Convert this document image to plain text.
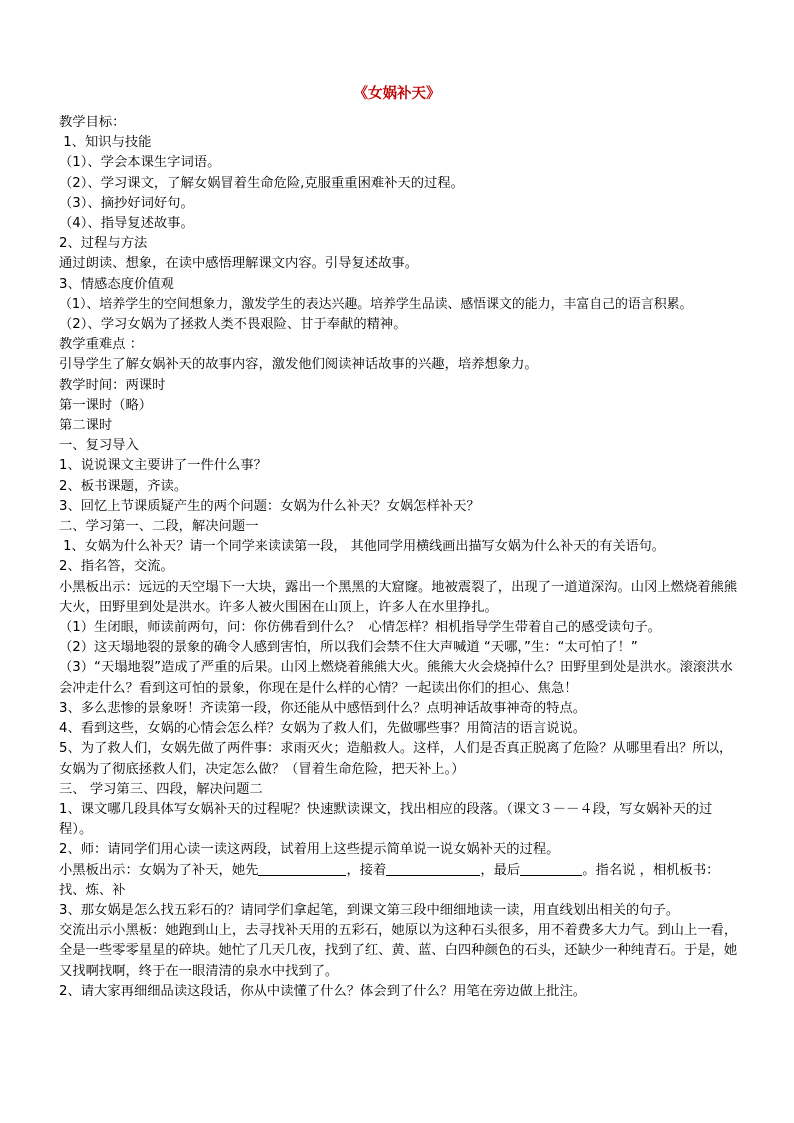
《女娲补天》
教学目标：
1、知识与技能
（1）、学会本课生字词语。
（2）、学习课文，了解女娲冒着生命危险,克服重重困难补天的过程。
（3）、摘抄好词好句。
（4）、指导复述故事。
2、过程与方法
通过朗读、想象，在读中感悟理解课文内容。引导复述故事。
3、情感态度价值观
（1）、培养学生的空间想象力，激发学生的表达兴趣。培养学生品读、感悟课文的能力，丰富自己的语言积累。
（2）、学习女娲为了拯救人类不畏艰险、甘于奉献的精神。
教学重难点 ：
引导学生了解女娲补天的故事内容，激发他们阅读神话故事的兴趣，培养想象力。
教学时间：两课时
第一课时（略）
第二课时
一、复习导入
1、说说课文主要讲了一件什么事？
2、板书课题，齐读。
3、回忆上节课质疑产生的两个问题：女娲为什么补天？女娲怎样补天？
二、学习第一、二段，解决问题一
1、女娲为什么补天？请一个同学来读读第一段， 其他同学用横线画出描写女娲为什么补天的有关语句。
2、指名答，交流。
小黑板出示：远远的天空塌下一大块，露出一个黑黑的大窟窿。地被震裂了，出现了一道道深沟。山冈上燃烧着熊熊大火，田野里到处是洪水。许多人被火围困在山顶上，许多人在水里挣扎。
（1）生闭眼，师读前两句，问：你仿佛看到什么？  心情怎样？相机指导学生带着自己的感受读句子。
（2）这天塌地裂的景象的确令人感到害怕，所以我们会禁不住大声喊道 “天哪，”生：“太可怕了！”
（3）“天塌地裂”造成了严重的后果。山冈上燃烧着熊熊大火。熊熊大火会烧掉什么？田野里到处是洪水。滚滚洪水会冲走什么？看到这可怕的景象，你现在是什么样的心情？一起读出你们的担心、焦急！
3、多么悲惨的景象呀！齐读第一段，你还能从中感悟到什么？点明神话故事神奇的特点。
4、看到这些，女娲的心情会怎么样？女娲为了救人们，先做哪些事？用简洁的语言说说。
5、为了救人们，女娲先做了两件事：求雨灭火；造船救人。这样，人们是否真正脱离了危险？从哪里看出？所以，女娲为了彻底拯救人们，决定怎么做？（冒着生命危险，把天补上。）
三、 学习第三、四段，解决问题二
1、课文哪几段具体写女娲补天的过程呢？快速默读课文，找出相应的段落。（课文３－－４段，写女娲补天的过程）。
2、师：请同学们用心读一读这两段，试着用上这些提示简单说一说女娲补天的过程。
小黑板出示：女娲为了补天，她先	，接着	，最后	。指名说 ，相机板书：
找、炼、补
3、那女娲是怎么找五彩石的？请同学们拿起笔，到课文第三段中细细地读一读，用直线划出相关的句子。
交流出示小黑板：她跑到山上，去寻找补天用的五彩石，她原以为这种石头很多，用不着费多大力气。到山上一看，全是一些零零星星的碎块。她忙了几天几夜，找到了红、黄、蓝、白四种颜色的石头，还缺少一种纯青石。于是，她又找啊找啊，终于在一眼清清的泉水中找到了。
2、请大家再细细品读这段话，你从中读懂了什么？体会到了什么？用笔在旁边做上批注。
